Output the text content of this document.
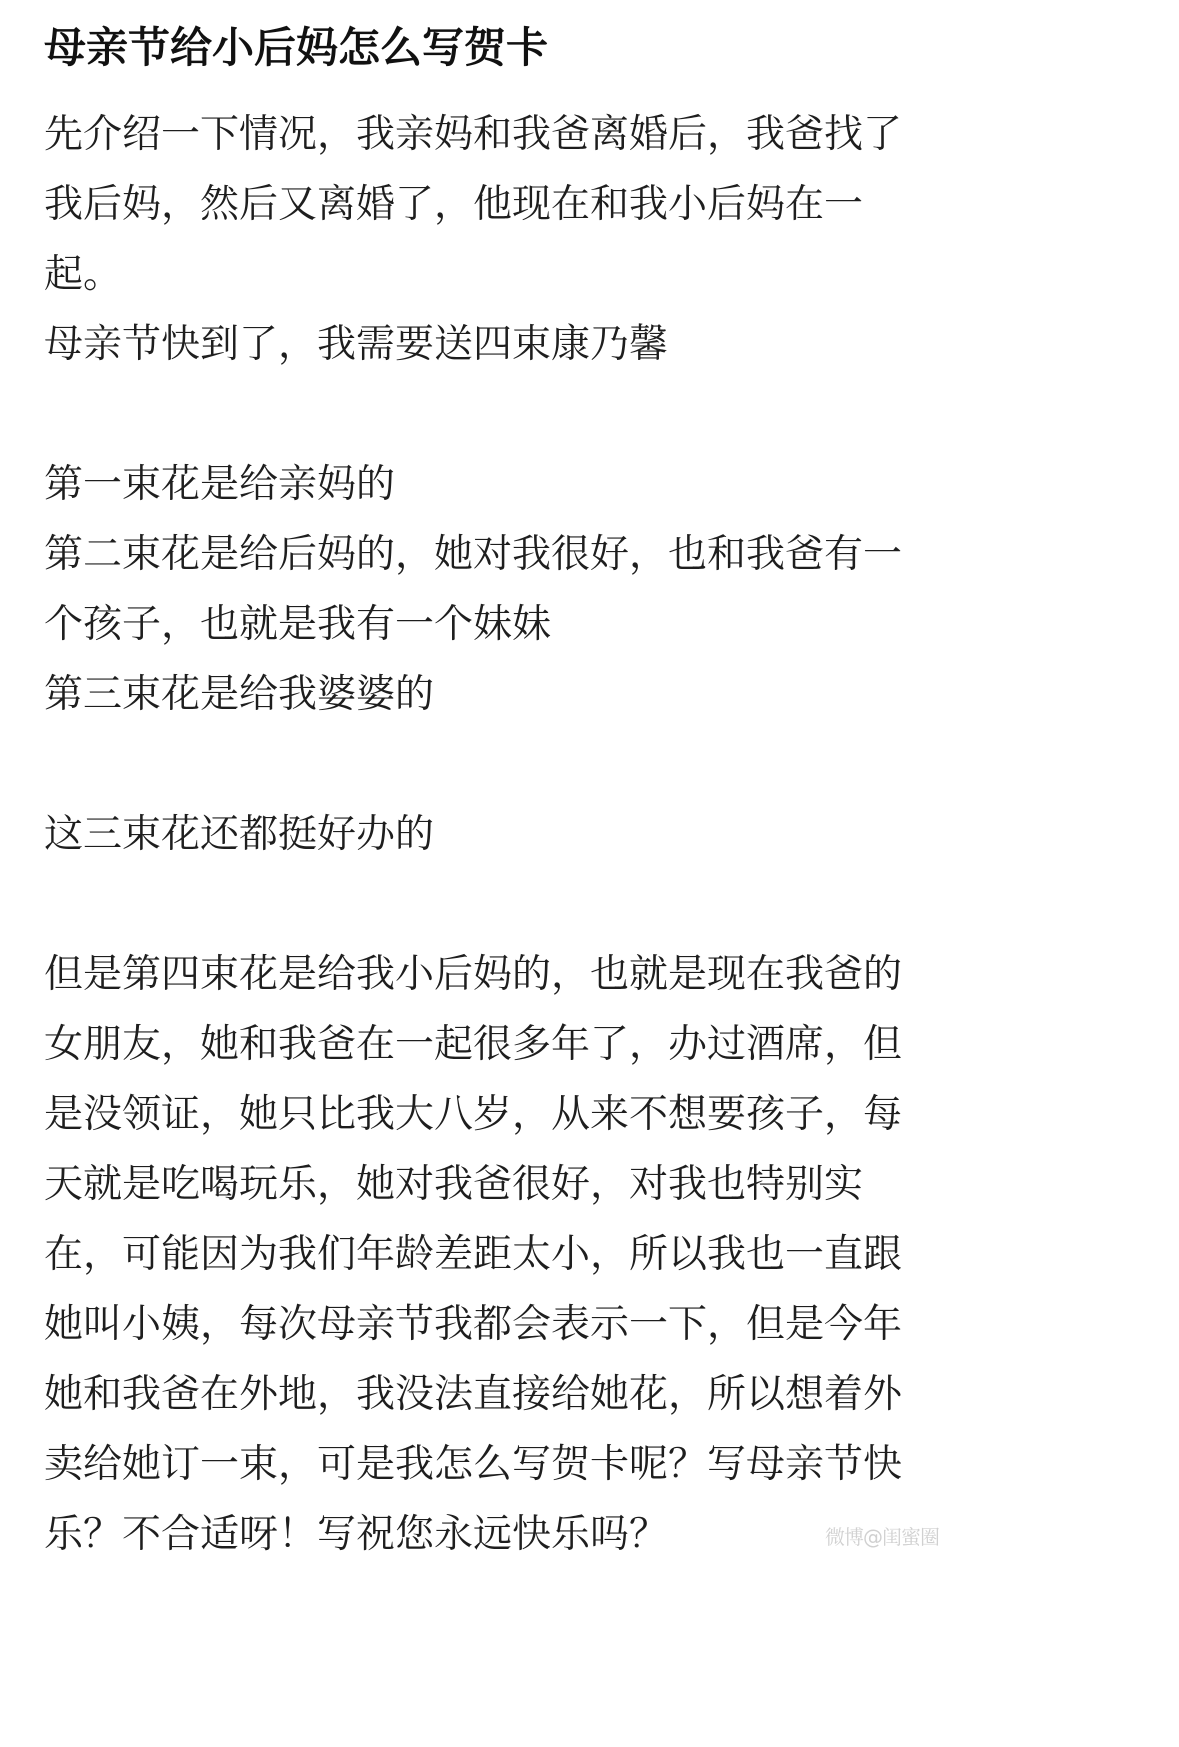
母亲节给小后妈怎么写贺卡
先介绍一下情况，我亲妈和我爸离婚后，我爸找了
我后妈，然后又离婚了，他现在和我小后妈在一
起。
母亲节快到了，我需要送四束康乃馨
第一束花是给亲妈的
第二束花是给后妈的，她对我很好，也和我爸有一
个孩子，也就是我有一个妹妹
第三束花是给我婆婆的
这三束花还都挺好办的
但是第四束花是给我小后妈的，也就是现在我爸的
女朋友，她和我爸在一起很多年了，办过酒席，但
是没领证，她只比我大八岁，从来不想要孩子，每
天就是吃喝玩乐，她对我爸很好，对我也特别实
在，可能因为我们年龄差距太小，所以我也一直跟
她叫小姨，每次母亲节我都会表示一下，但是今年
她和我爸在外地，我没法直接给她花，所以想着外
卖给她订一束，可是我怎么写贺卡呢？写母亲节快
乐？不合适呀！写祝您永远快乐吗？	微博@闺蜜圈
